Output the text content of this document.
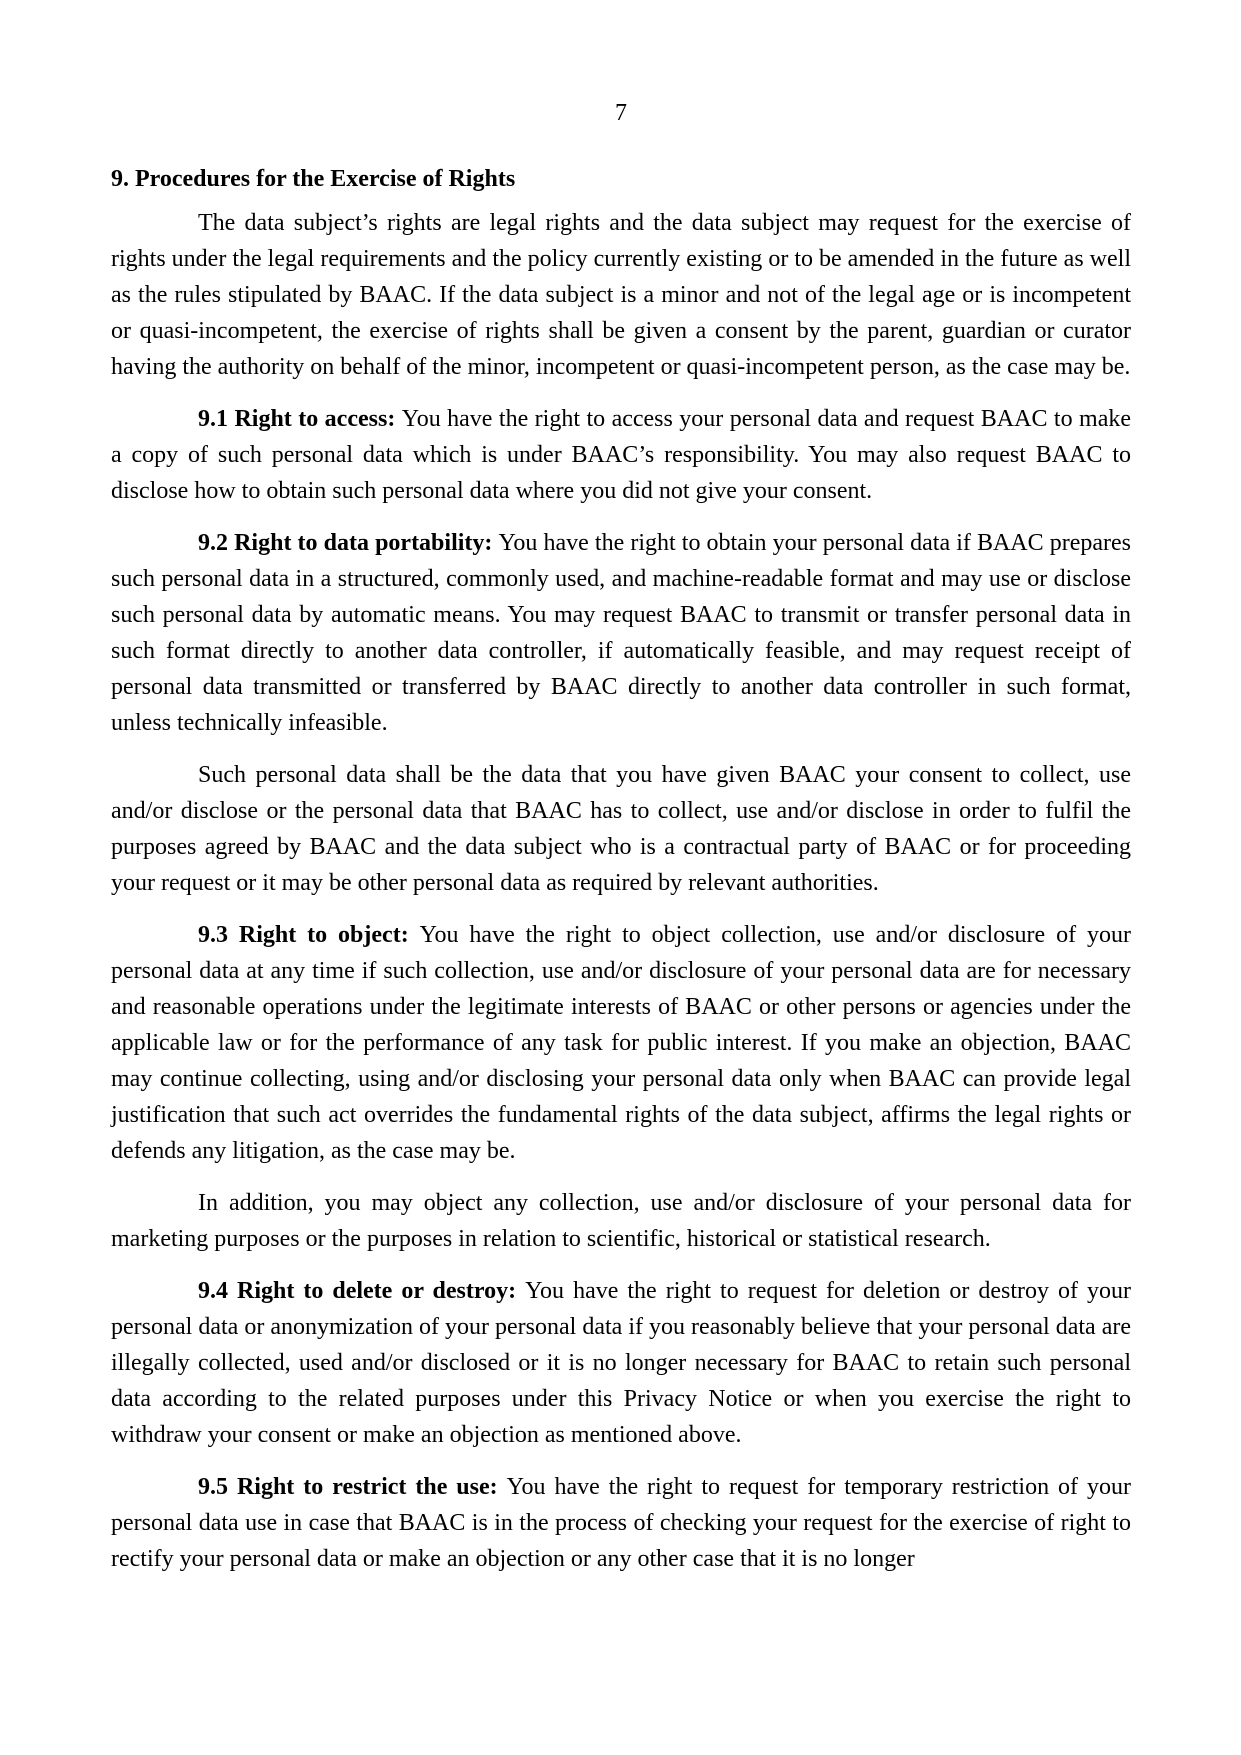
7
9. Procedures for the Exercise of Rights

The data subject’s rights are legal rights and the data subject may request for the exercise of rights under the legal requirements and the policy currently existing or to be amended in the future as well as the rules stipulated by BAAC. If the data subject is a minor and not of the legal age or is incompetent or quasi-incompetent, the exercise of rights shall be given a consent by the parent, guardian or curator having the authority on behalf of the minor, incompetent or quasi-incompetent person, as the case may be.

9.1 Right to access: You have the right to access your personal data and request BAAC to make a copy of such personal data which is under BAAC’s responsibility. You may also request BAAC to disclose how to obtain such personal data where you did not give your consent.

9.2 Right to data portability: You have the right to obtain your personal data if BAAC prepares such personal data in a structured, commonly used, and machine-readable format and may use or disclose such personal data by automatic means. You may request BAAC to transmit or transfer personal data in such format directly to another data controller, if automatically feasible, and may request receipt of personal data transmitted or transferred by BAAC directly to another data controller in such format, unless technically infeasible.

Such personal data shall be the data that you have given BAAC your consent to collect, use and/or disclose or the personal data that BAAC has to collect, use and/or disclose in order to fulfil the purposes agreed by BAAC and the data subject who is a contractual party of BAAC or for proceeding your request or it may be other personal data as required by relevant authorities.

9.3 Right to object: You have the right to object collection, use and/or disclosure of your personal data at any time if such collection, use and/or disclosure of your personal data are for necessary and reasonable operations under the legitimate interests of BAAC or other persons or agencies under the applicable law or for the performance of any task for public interest. If you make an objection, BAAC may continue collecting, using and/or disclosing your personal data only when BAAC can provide legal justification that such act overrides the fundamental rights of the data subject, affirms the legal rights or defends any litigation, as the case may be.

In addition, you may object any collection, use and/or disclosure of your personal data for marketing purposes or the purposes in relation to scientific, historical or statistical research.

9.4 Right to delete or destroy: You have the right to request for deletion or destroy of your personal data or anonymization of your personal data if you reasonably believe that your personal data are illegally collected, used and/or disclosed or it is no longer necessary for BAAC to retain such personal data according to the related purposes under this Privacy Notice or when you exercise the right to withdraw your consent or make an objection as mentioned above.

9.5 Right to restrict the use: You have the right to request for temporary restriction of your personal data use in case that BAAC is in the process of checking your request for the exercise of right to rectify your personal data or make an objection or any other case that it is no longer
